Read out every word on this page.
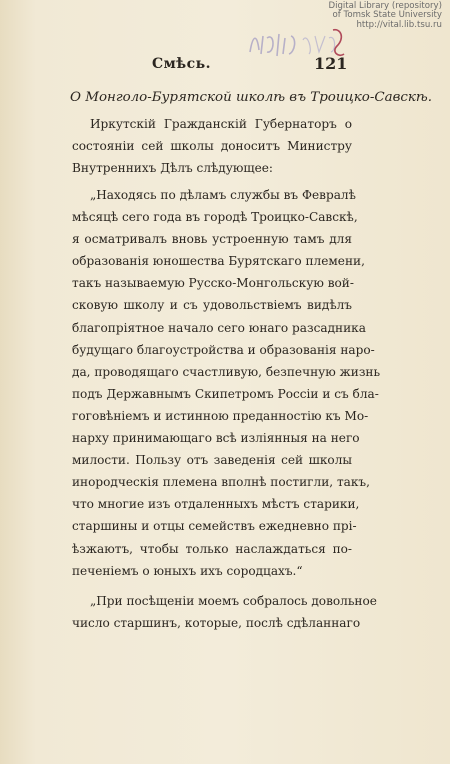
Digital Library (repository)
of Tomsk State University
http://vital.lib.tsu.ru
Смѣсь.	121
О Монголо-Бурятской школѣ въ Троицко-Савскѣ.
Иркутскій Гражданскій Губернаторъ о
состояніи сей школы доноситъ Министру
Внутреннихъ Дѣлъ слѣдующее:
„Находясь по дѣламъ службы въ Февралѣ
мѣсяцѣ сего года въ городѣ Троицко-Савскѣ,
я осматривалъ вновь устроенную тамъ для
образованія юношества Бурятскаго племени,
такъ называемую Русско-Монгольскую вой-
сковую школу и съ удовольствіемъ видѣлъ
благопріятное начало сего юнаго разсадника
будущаго благоустройства и образованія наро-
да, проводящаго счастливую, безпечную жизнь
подъ Державнымъ Скипетромъ Россіи и съ бла-
гоговѣніемъ и истинною преданностію къ Мо-
нарху принимающаго всѣ изліянныя на него
милости. Пользу отъ заведенія сей школы
инородческія племена вполнѣ постигли, такъ,
что многие изъ отдаленныхъ мѣстъ старики,
старшины и отцы семействъ ежедневно прі-
ѣзжаютъ, чтобы только наслаждаться по-
печеніемъ о юныхъ ихъ сородцахъ.“
„При посѣщеніи моемъ собралось довольное
число старшинъ, которые, послѣ сдѣланнаго
